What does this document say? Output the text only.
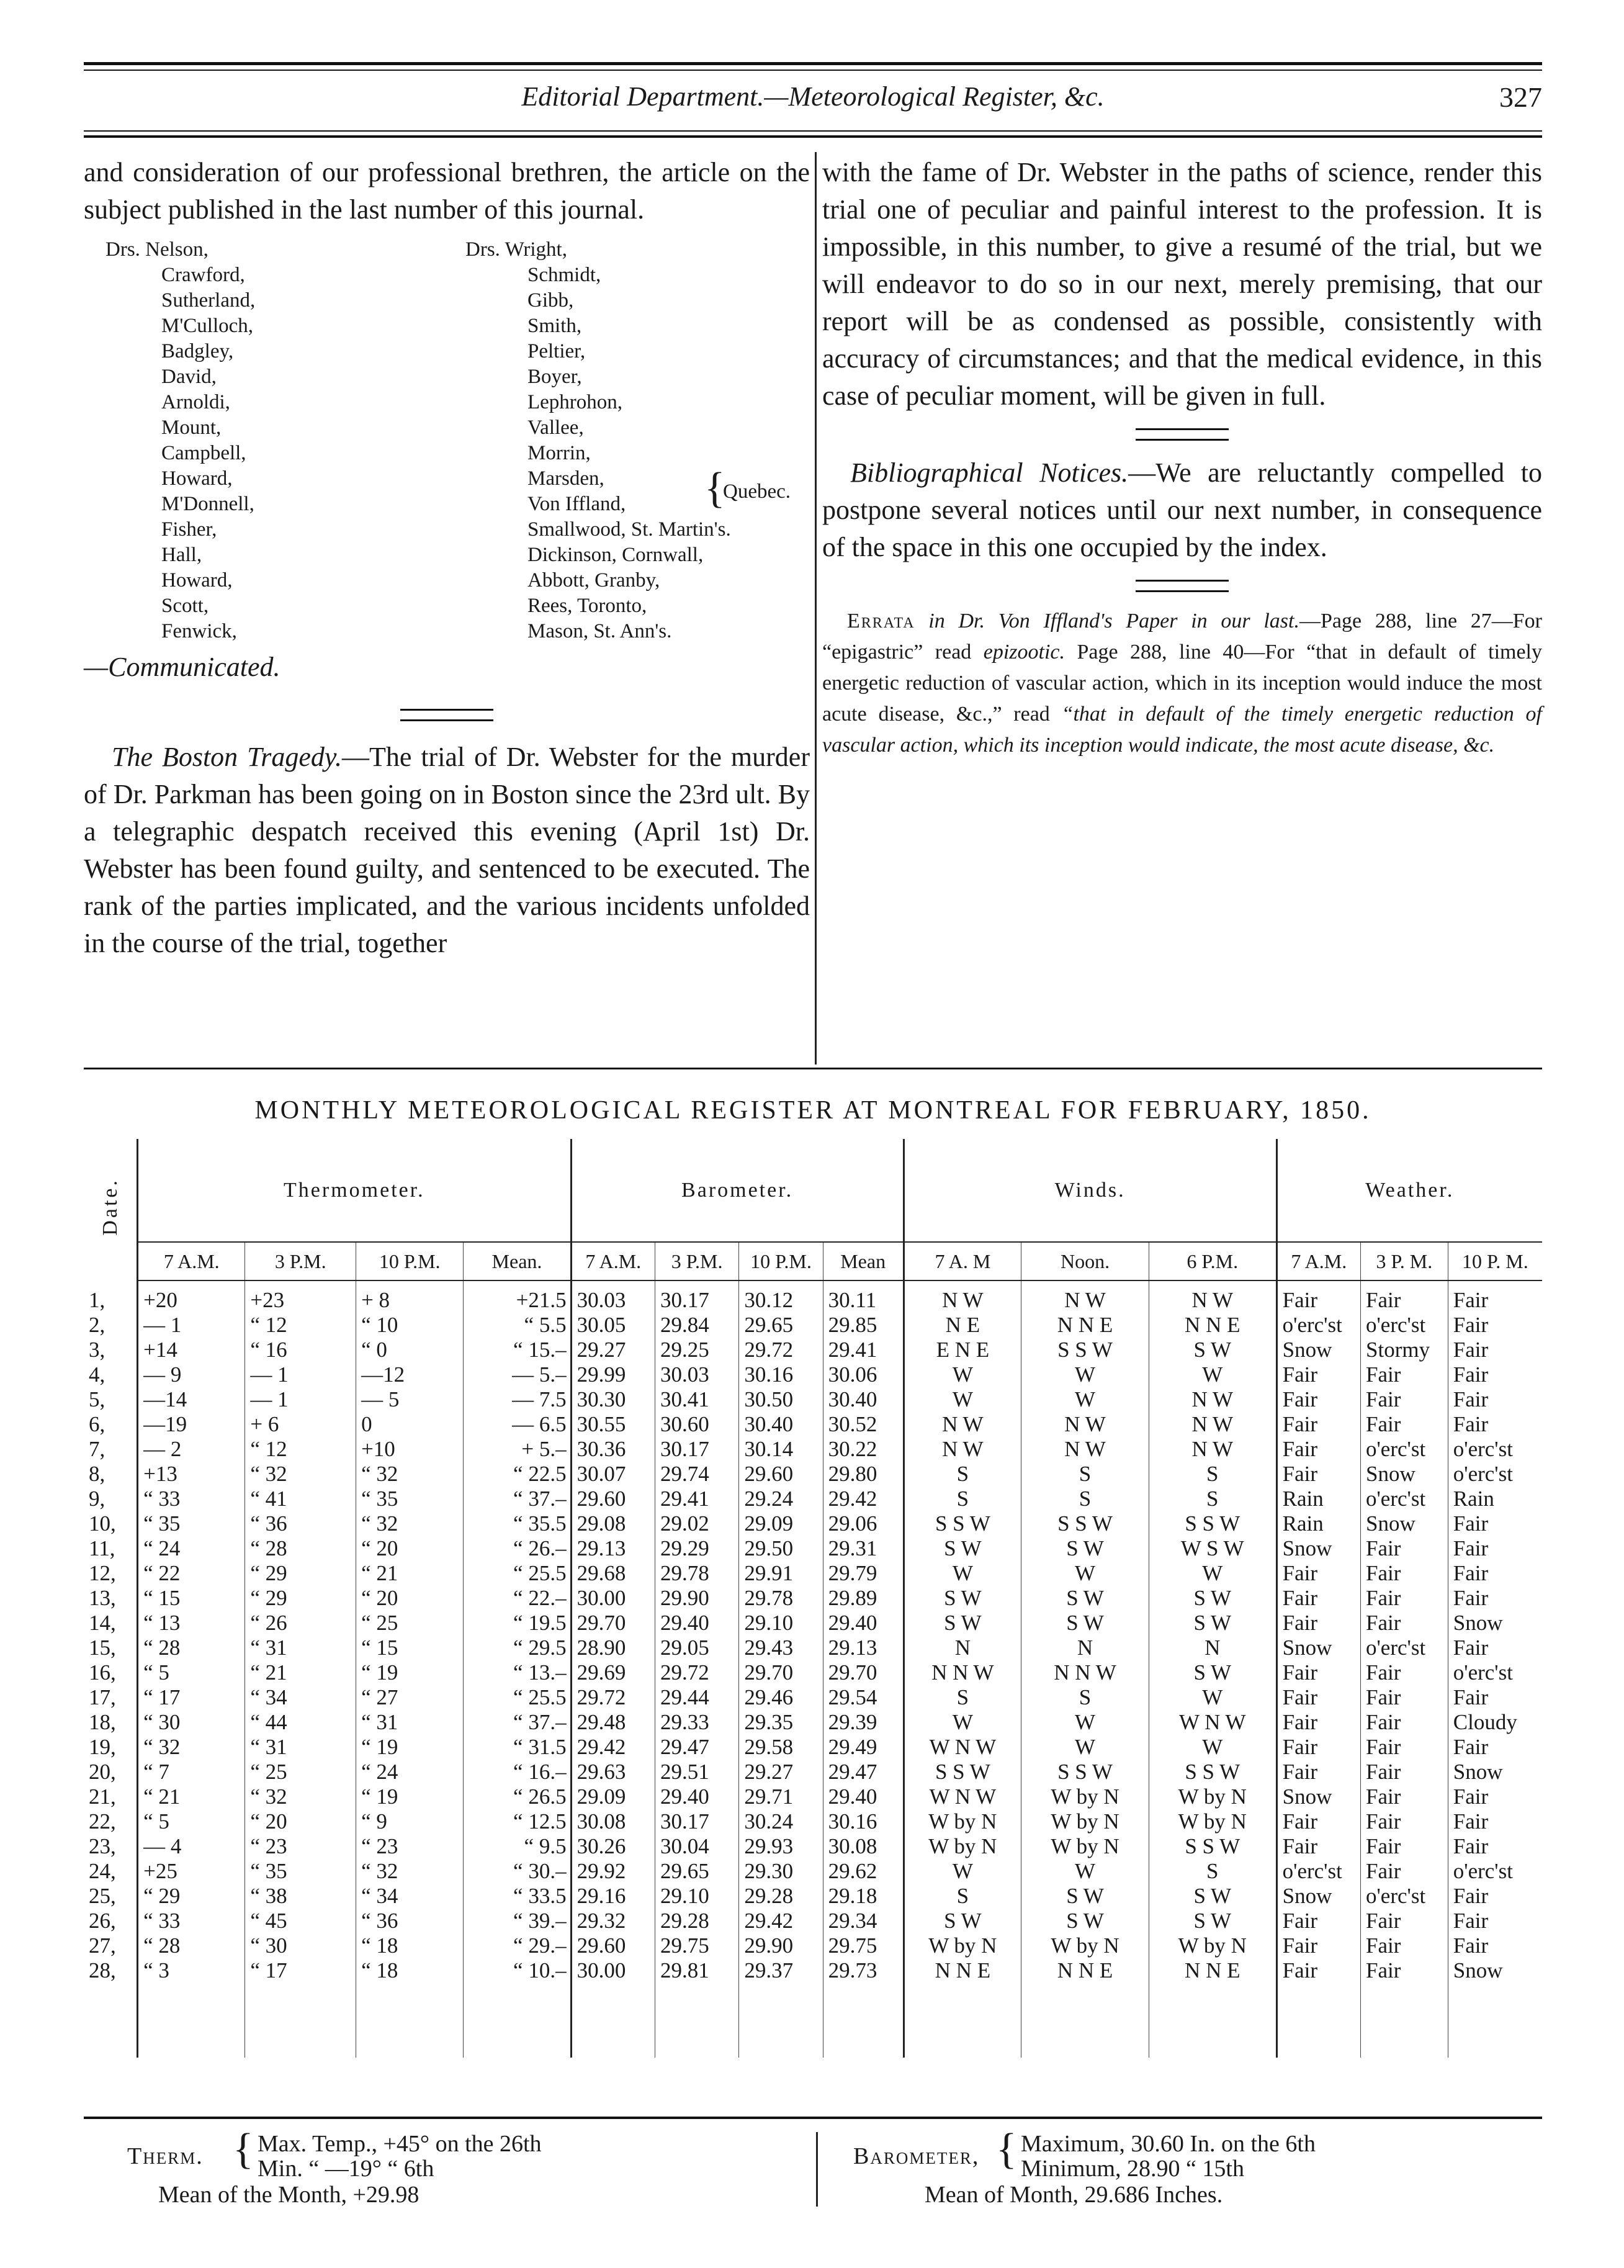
Editorial Department.—Meteorological Register, &c.	327

and consideration of our professional brethren, the article on the subject published in the last number of this journal.

Drs. Nelson,
Crawford,
Sutherland,
M'Culloch,
Badgley,
David,
Arnoldi,
Mount,
Campbell,
Howard,
M'Donnell,
Fisher,
Hall,
Howard,
Scott,
Fenwick,
Drs. Wright,
Schmidt,
Gibb,
Smith,
Peltier,
Boyer,
Lephrohon,
Vallee,
Morrin,
Marsden,
Von Iffland,
Smallwood, St. Martin's.
Dickinson, Cornwall,
Abbott, Granby,
Rees, Toronto,
Mason, St. Ann's.
{
Quebec.
—Communicated.

The Boston Tragedy.—The trial of Dr. Webster for the murder of Dr. Parkman has been going on in Boston since the 23rd ult. By a telegraphic despatch received this evening (April 1st) Dr. Webster has been found guilty, and sentenced to be executed. The rank of the parties implicated, and the various incidents unfolded in the course of the trial, together

with the fame of Dr. Webster in the paths of science, render this trial one of peculiar and painful interest to the profession. It is impossible, in this number, to give a resumé of the trial, but we will endeavor to do so in our next, merely premising, that our report will be as condensed as possible, consistently with accuracy of circumstances; and that the medical evidence, in this case of peculiar moment, will be given in full.

Bibliographical Notices.—We are reluctantly compelled to postpone several notices until our next number, in consequence of the space in this one occupied by the index.

Errata in Dr. Von Iffland's Paper in our last.—Page 288, line 27—For “epigastric” read epizootic. Page 288, line 40—For “that in default of timely energetic reduction of vascular action, which in its inception would induce the most acute disease, &c.,” read “that in default of the timely energetic reduction of vascular action, which its inception would indicate, the most acute disease, &c.

MONTHLY METEOROLOGICAL REGISTER AT MONTREAL FOR FEBRUARY, 1850.
Date.	Thermometer.				Barometer.				Winds.			Weather.		
	7 A.M.	3 P.M.	10 P.M.	Mean.	7 A.M.	3 P.M.	10 P.M.	Mean	7 A. M	Noon.	6 P.M.	7 A.M.	3 P. M.	10 P. M.
1,	+20	+23	+ 8	+21.5	30.03	30.17	30.12	30.11	N W	N W	N W	Fair	Fair	Fair
2,	— 1	“ 12	“ 10	“ 5.5	30.05	29.84	29.65	29.85	N E	N N E	N N E	o'erc'st	o'erc'st	Fair
3,	+14	“ 16	“ 0	“ 15.–	29.27	29.25	29.72	29.41	E N E	S S W	S W	Snow	Stormy	Fair
4,	— 9	— 1	—12	— 5.–	29.99	30.03	30.16	30.06	W	W	W	Fair	Fair	Fair
5,	—14	— 1	— 5	— 7.5	30.30	30.41	30.50	30.40	W	W	N W	Fair	Fair	Fair
6,	—19	+ 6	0	— 6.5	30.55	30.60	30.40	30.52	N W	N W	N W	Fair	Fair	Fair
7,	— 2	“ 12	+10	+ 5.–	30.36	30.17	30.14	30.22	N W	N W	N W	Fair	o'erc'st	o'erc'st
8,	+13	“ 32	“ 32	“ 22.5	30.07	29.74	29.60	29.80	S	S	S	Fair	Snow	o'erc'st
9,	“ 33	“ 41	“ 35	“ 37.–	29.60	29.41	29.24	29.42	S	S	S	Rain	o'erc'st	Rain
10,	“ 35	“ 36	“ 32	“ 35.5	29.08	29.02	29.09	29.06	S S W	S S W	S S W	Rain	Snow	Fair
11,	“ 24	“ 28	“ 20	“ 26.–	29.13	29.29	29.50	29.31	S W	S W	W S W	Snow	Fair	Fair
12,	“ 22	“ 29	“ 21	“ 25.5	29.68	29.78	29.91	29.79	W	W	W	Fair	Fair	Fair
13,	“ 15	“ 29	“ 20	“ 22.–	30.00	29.90	29.78	29.89	S W	S W	S W	Fair	Fair	Fair
14,	“ 13	“ 26	“ 25	“ 19.5	29.70	29.40	29.10	29.40	S W	S W	S W	Fair	Fair	Snow
15,	“ 28	“ 31	“ 15	“ 29.5	28.90	29.05	29.43	29.13	N	N	N	Snow	o'erc'st	Fair
16,	“ 5	“ 21	“ 19	“ 13.–	29.69	29.72	29.70	29.70	N N W	N N W	S W	Fair	Fair	o'erc'st
17,	“ 17	“ 34	“ 27	“ 25.5	29.72	29.44	29.46	29.54	S	S	W	Fair	Fair	Fair
18,	“ 30	“ 44	“ 31	“ 37.–	29.48	29.33	29.35	29.39	W	W	W N W	Fair	Fair	Cloudy
19,	“ 32	“ 31	“ 19	“ 31.5	29.42	29.47	29.58	29.49	W N W	W	W	Fair	Fair	Fair
20,	“ 7	“ 25	“ 24	“ 16.–	29.63	29.51	29.27	29.47	S S W	S S W	S S W	Fair	Fair	Snow
21,	“ 21	“ 32	“ 19	“ 26.5	29.09	29.40	29.71	29.40	W N W	W by N	W by N	Snow	Fair	Fair
22,	“ 5	“ 20	“ 9	“ 12.5	30.08	30.17	30.24	30.16	W by N	W by N	W by N	Fair	Fair	Fair
23,	— 4	“ 23	“ 23	“ 9.5	30.26	30.04	29.93	30.08	W by N	W by N	S S W	Fair	Fair	Fair
24,	+25	“ 35	“ 32	“ 30.–	29.92	29.65	29.30	29.62	W	W	S	o'erc'st	Fair	o'erc'st
25,	“ 29	“ 38	“ 34	“ 33.5	29.16	29.10	29.28	29.18	S	S W	S W	Snow	o'erc'st	Fair
26,	“ 33	“ 45	“ 36	“ 39.–	29.32	29.28	29.42	29.34	S W	S W	S W	Fair	Fair	Fair
27,	“ 28	“ 30	“ 18	“ 29.–	29.60	29.75	29.90	29.75	W by N	W by N	W by N	Fair	Fair	Fair
28,	“ 3	“ 17	“ 18	“ 10.–	30.00	29.81	29.37	29.73	N N E	N N E	N N E	Fair	Fair	Snow

Therm. { Max. Temp., +45° on the 26th
Min. “ —19° “ 6th
Mean of the Month, +29.98
Barometer, { Maximum, 30.60 In. on the 6th
Minimum, 28.90 “ 15th
Mean of Month, 29.686 Inches.
